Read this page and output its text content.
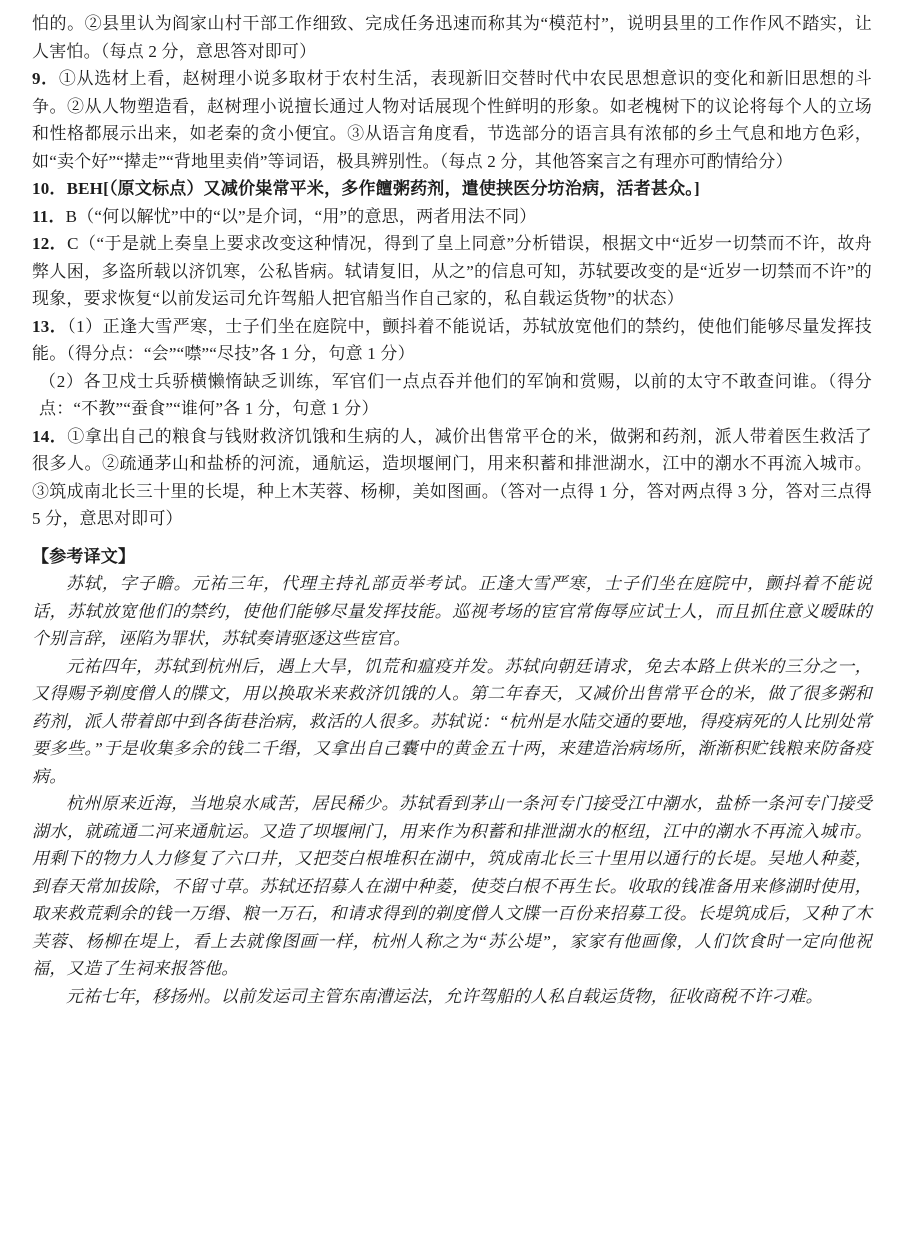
怕的。②县里认为阎家山村干部工作细致、完成任务迅速而称其为“模范村”，说明县里的工作作风不踏实，让人害怕。（每点 2 分，意思答对即可）

9．①从选材上看，赵树理小说多取材于农村生活，表现新旧交替时代中农民思想意识的变化和新旧思想的斗争。②从人物塑造看，赵树理小说擅长通过人物对话展现个性鲜明的形象。如老槐树下的议论将每个人的立场和性格都展示出来，如老秦的贪小便宜。③从语言角度看，节选部分的语言具有浓郁的乡土气息和地方色彩，如“卖个好”“撵走”“背地里卖俏”等词语，极具辨别性。（每点 2 分，其他答案言之有理亦可酌情给分）

10．BEH[（原文标点）又减价粜常平米，多作饘粥药剂，遣使挟医分坊治病，活者甚众。]

11．B（“何以解忧”中的“以”是介词，“用”的意思，两者用法不同）

12．C（“于是就上奏皇上要求改变这种情况，得到了皇上同意”分析错误，根据文中“近岁一切禁而不许，故舟弊人困，多盗所载以济饥寒，公私皆病。轼请复旧，从之”的信息可知，苏轼要改变的是“近岁一切禁而不许”的现象，要求恢复“以前发运司允许驾船人把官船当作自己家的，私自载运货物”的状态）

13．（1）正逢大雪严寒，士子们坐在庭院中，颤抖着不能说话，苏轼放宽他们的禁约，使他们能够尽量发挥技能。（得分点：“会”“噤”“尽技”各 1 分，句意 1 分）

（2）各卫戍士兵骄横懒惰缺乏训练，军官们一点点吞并他们的军饷和赏赐，以前的太守不敢查问谁。（得分点：“不教”“蚕食”“谁何”各 1 分，句意 1 分）

14．①拿出自己的粮食与钱财救济饥饿和生病的人，减价出售常平仓的米，做粥和药剂，派人带着医生救活了很多人。②疏通茅山和盐桥的河流，通航运，造坝堰闸门，用来积蓄和排泄湖水，江中的潮水不再流入城市。③筑成南北长三十里的长堤，种上木芙蓉、杨柳，美如图画。（答对一点得 1 分，答对两点得 3 分，答对三点得 5 分，意思对即可）

【参考译文】

苏轼，字子瞻。元祐三年，代理主持礼部贡举考试。正逢大雪严寒，士子们坐在庭院中，颤抖着不能说话，苏轼放宽他们的禁约，使他们能够尽量发挥技能。巡视考场的宦官常侮辱应试士人，而且抓住意义暧昧的个别言辞，诬陷为罪状，苏轼奏请驱逐这些宦官。

元祐四年，苏轼到杭州后，遇上大旱，饥荒和瘟疫并发。苏轼向朝廷请求，免去本路上供米的三分之一，又得赐予剃度僧人的牒文，用以换取米来救济饥饿的人。第二年春天，又减价出售常平仓的米，做了很多粥和药剂，派人带着郎中到各街巷治病，救活的人很多。苏轼说：“杭州是水陆交通的要地，得疫病死的人比别处常要多些。”于是收集多余的钱二千缗，又拿出自己囊中的黄金五十两，来建造治病场所，渐渐积贮钱粮来防备疫病。

杭州原来近海，当地泉水咸苦，居民稀少。苏轼看到茅山一条河专门接受江中潮水，盐桥一条河专门接受湖水，就疏通二河来通航运。又造了坝堰闸门，用来作为积蓄和排泄湖水的枢纽，江中的潮水不再流入城市。用剩下的物力人力修复了六口井，又把茭白根堆积在湖中，筑成南北长三十里用以通行的长堤。吴地人种菱，到春天常加拔除，不留寸草。苏轼还招募人在湖中种菱，使茭白根不再生长。收取的钱准备用来修湖时使用，取来救荒剩余的钱一万缗、粮一万石，和请求得到的剃度僧人文牒一百份来招募工役。长堤筑成后，又种了木芙蓉、杨柳在堤上，看上去就像图画一样，杭州人称之为“苏公堤”，家家有他画像，人们饮食时一定向他祝福，又造了生祠来报答他。

元祐七年，移扬州。以前发运司主管东南漕运法，允许驾船的人私自载运货物，征收商税不许刁难。
